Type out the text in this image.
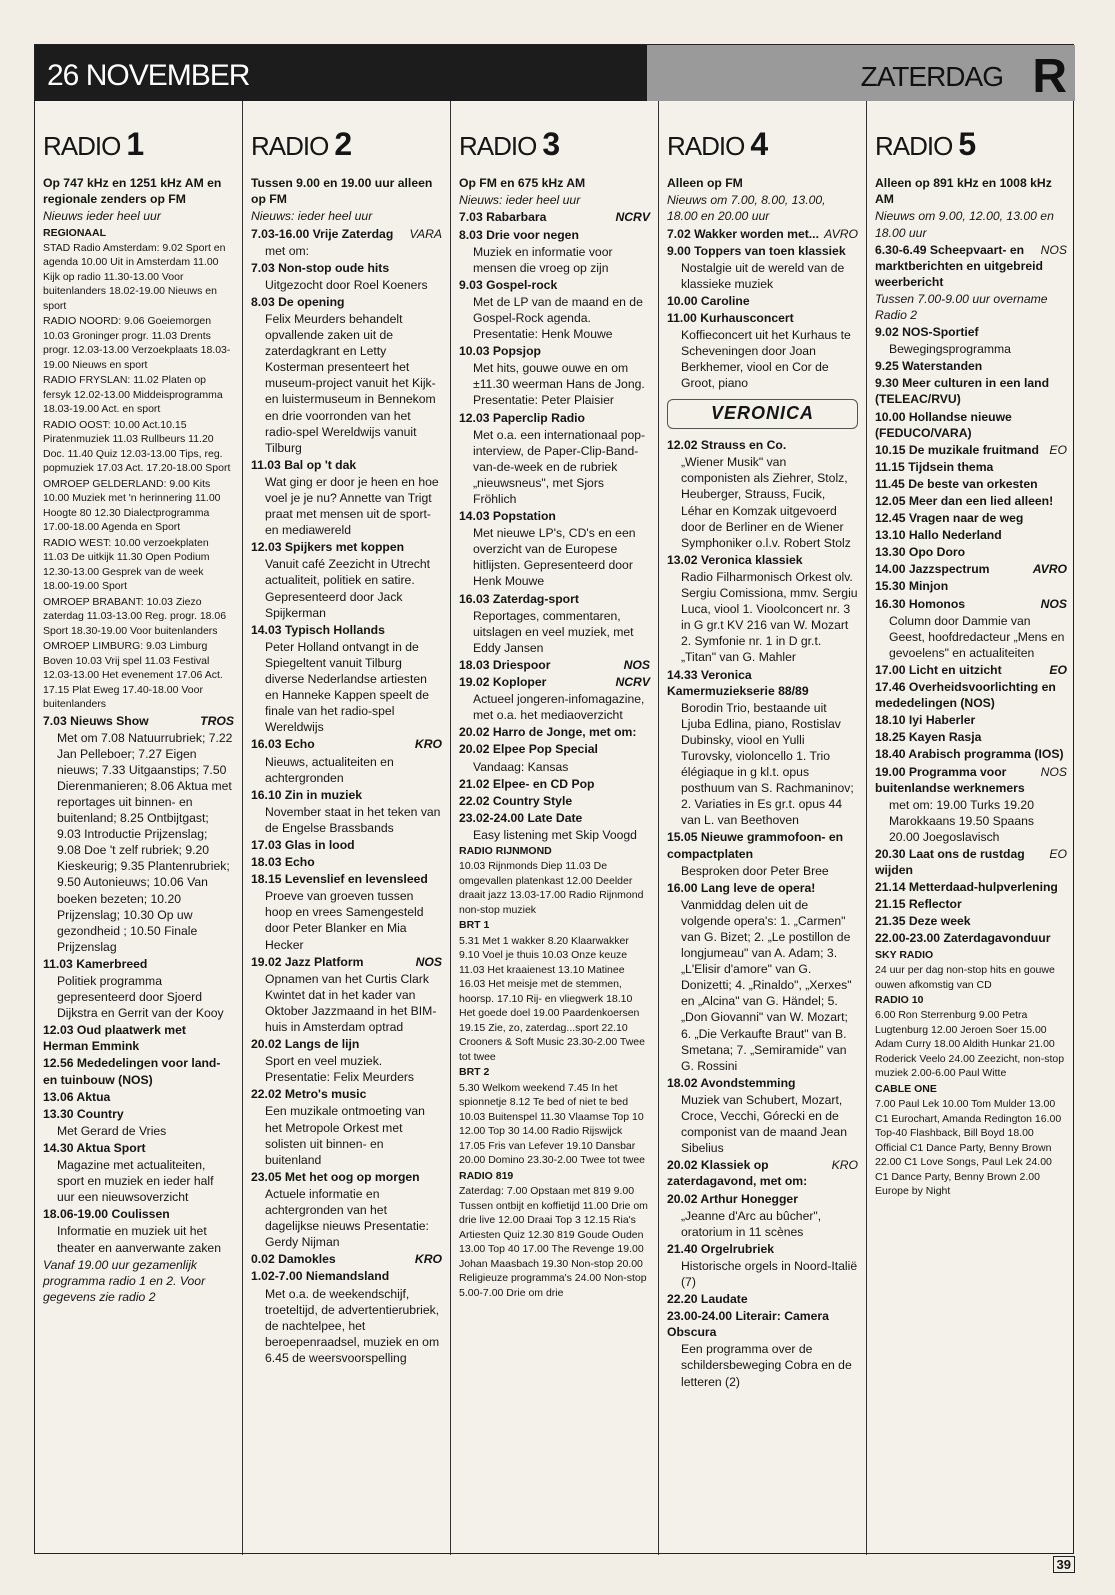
26 NOVEMBER	ZATERDAG R
RADIO 1
Op 747 kHz en 1251 kHz AM en regionale zenders op FM
Nieuws ieder heel uur
REGIONAAL
STAD Radio Amsterdam: 9.02 Sport en agenda 10.00 Uit in Amsterdam 11.00 Kijk op radio 11.30-13.00 Voor buitenlanders 18.02-19.00 Nieuws en sport
RADIO NOORD: 9.06 Goeiemorgen 10.03 Groninger progr. 11.03 Drents progr. 12.03-13.00 Verzoekplaats 18.03-19.00 Nieuws en sport
RADIO FRYSLAN: 11.02 Platen op fersyk 12.02-13.00 Middeisprogramma 18.03-19.00 Act. en sport
RADIO OOST: 10.00 Act.10.15 Piratenmuziek 11.03 Rullbeurs 11.20 Doc. 11.40 Quiz 12.03-13.00 Tips, reg. popmuziek 17.03 Act. 17.20-18.00 Sport
OMROEP GELDERLAND: 9.00 Kits 10.00 Muziek met 'n herinnering 11.00 Hoogte 80 12.30 Dialectprogramma 17.00-18.00 Agenda en Sport
RADIO WEST: 10.00 verzoekplaten 11.03 De uitkijk 11.30 Open Podium 12.30-13.00 Gesprek van de week 18.00-19.00 Sport
OMROEP BRABANT: 10.03 Ziezo zaterdag 11.03-13.00 Reg. progr. 18.06 Sport 18.30-19.00 Voor buitenlanders
OMROEP LIMBURG: 9.03 Limburg Boven 10.03 Vrij spel 11.03 Festival 12.03-13.00 Het evenement 17.06 Act. 17.15 Plat Eweg 17.40-18.00 Voor buitenlanders
TROS
7.03 Nieuws Show
Met om 7.08 Natuurrubriek; 7.22 Jan Pelleboer; 7.27 Eigen nieuws; 7.33 Uitgaanstips; 7.50 Dierenmanieren; 8.06 Aktua met reportages uit binnen- en buitenland; 8.25 Ontbijtgast; 9.03 Introductie Prijzenslag; 9.08 Doe 't zelf rubriek; 9.20 Kieskeurig; 9.35 Plantenrubriek; 9.50 Autonieuws; 10.06 Van boeken bezeten; 10.20 Prijzenslag; 10.30 Op uw gezondheid ; 10.50 Finale Prijzenslag
11.03 Kamerbreed
Politiek programma gepresenteerd door Sjoerd Dijkstra en Gerrit van der Kooy
12.03 Oud plaatwerk met Herman Emmink
12.56 Mededelingen voor land- en tuinbouw (NOS)
13.06 Aktua
13.30 Country
Met Gerard de Vries
14.30 Aktua Sport
Magazine met actualiteiten, sport en muziek en ieder half uur een nieuwsoverzicht
18.06-19.00 Coulissen
Informatie en muziek uit het theater en aanverwante zaken
Vanaf 19.00 uur gezamenlijk programma radio 1 en 2. Voor gegevens zie radio 2
RADIO 2
Tussen 9.00 en 19.00 uur alleen op FM
Nieuws: ieder heel uur
VARA
7.03-16.00 Vrije Zaterdag
met om:
7.03 Non-stop oude hits
Uitgezocht door Roel Koeners
8.03 De opening
Felix Meurders behandelt opvallende zaken uit de zaterdagkrant en Letty Kosterman presenteert het museum-project vanuit het Kijk- en luistermuseum in Bennekom en drie voorronden van het radio-spel Wereldwijs vanuit Tilburg
11.03 Bal op 't dak
Wat ging er door je heen en hoe voel je je nu? Annette van Trigt praat met mensen uit de sport- en mediawereld
12.03 Spijkers met koppen
Vanuit café Zeezicht in Utrecht actualiteit, politiek en satire. Gepresenteerd door Jack Spijkerman
14.03 Typisch Hollands
Peter Holland ontvangt in de Spiegeltent vanuit Tilburg diverse Nederlandse artiesten en Hanneke Kappen speelt de finale van het radio-spel Wereldwijs
KRO
16.03 Echo
Nieuws, actualiteiten en achtergronden
16.10 Zin in muziek
November staat in het teken van de Engelse Brassbands
17.03 Glas in lood
18.03 Echo
18.15 Levenslief en levensleed
Proeve van groeven tussen hoop en vrees Samengesteld door Peter Blanker en Mia Hecker
NOS
19.02 Jazz Platform
Opnamen van het Curtis Clark Kwintet dat in het kader van Oktober Jazzmaand in het BIM-huis in Amsterdam optrad
20.02 Langs de lijn
Sport en veel muziek. Presentatie: Felix Meurders
22.02 Metro's music
Een muzikale ontmoeting van het Metropole Orkest met solisten uit binnen- en buitenland
23.05 Met het oog op morgen
Actuele informatie en achtergronden van het dagelijkse nieuws Presentatie: Gerdy Nijman
KRO
0.02 Damokles
1.02-7.00 Niemandsland
Met o.a. de weekendschijf, troeteltijd, de advertentierubriek, de nachtelpee, het beroepenraadsel, muziek en om 6.45 de weersvoorspelling
RADIO 3
Op FM en 675 kHz AM
Nieuws: ieder heel uur
NCRV
7.03 Rabarbara
8.03 Drie voor negen
Muziek en informatie voor mensen die vroeg op zijn
9.03 Gospel-rock
Met de LP van de maand en de Gospel-Rock agenda. Presentatie: Henk Mouwe
10.03 Popsjop
Met hits, gouwe ouwe en om ±11.30 weerman Hans de Jong. Presentatie: Peter Plaisier
12.03 Paperclip Radio
Met o.a. een internationaal pop-interview, de Paper-Clip-Band-van-de-week en de rubriek „nieuwsneus", met Sjors Fröhlich
14.03 Popstation
Met nieuwe LP's, CD's en een overzicht van de Europese hitlijsten. Gepresenteerd door Henk Mouwe
16.03 Zaterdag-sport
Reportages, commentaren, uitslagen en veel muziek, met Eddy Jansen
NOS
18.03 Driespoor
NCRV
19.02 Koploper
Actueel jongeren-infomagazine, met o.a. het mediaoverzicht
20.02 Harro de Jonge, met om:
20.02 Elpee Pop Special
Vandaag: Kansas
21.02 Elpee- en CD Pop
22.02 Country Style
23.02-24.00 Late Date
Easy listening met Skip Voogd
RADIO RIJNMOND
10.03 Rijnmonds Diep 11.03 De omgevallen platenkast 12.00 Deelder draait jazz 13.03-17.00 Radio Rijnmond non-stop muziek
BRT 1
5.31 Met 1 wakker 8.20 Klaarwakker 9.10 Voel je thuis 10.03 Onze keuze 11.03 Het kraaienest 13.10 Matinee 16.03 Het meisje met de stemmen, hoorsp. 17.10 Rij- en vliegwerk 18.10 Het goede doel 19.00 Paardenkoersen 19.15 Zie, zo, zaterdag...sport 22.10 Crooners & Soft Music 23.30-2.00 Twee tot twee
BRT 2
5.30 Welkom weekend 7.45 In het spionnetje 8.12 Te bed of niet te bed 10.03 Buitenspel 11.30 Vlaamse Top 10 12.00 Top 30 14.00 Radio Rijswijck 17.05 Fris van Lefever 19.10 Dansbar 20.00 Domino 23.30-2.00 Twee tot twee
RADIO 819
Zaterdag: 7.00 Opstaan met 819 9.00 Tussen ontbijt en koffietijd 11.00 Drie om drie live 12.00 Draai Top 3 12.15 Ria's Artiesten Quiz 12.30 819 Goude Ouden 13.00 Top 40 17.00 The Revenge 19.00 Johan Maasbach 19.30 Non-stop 20.00 Religieuze programma's 24.00 Non-stop 5.00-7.00 Drie om drie
RADIO 4
Alleen op FM
Nieuws om 7.00, 8.00, 13.00, 18.00 en 20.00 uur
AVRO
7.02 Wakker worden met...
9.00 Toppers van toen klassiek
Nostalgie uit de wereld van de klassieke muziek
10.00 Caroline
11.00 Kurhausconcert
Koffieconcert uit het Kurhaus te Scheveningen door Joan Berkhemer, viool en Cor de Groot, piano
VERONICA
12.02 Strauss en Co.
„Wiener Musik" van componisten als Ziehrer, Stolz, Heuberger, Strauss, Fucik, Léhar en Komzak uitgevoerd door de Berliner en de Wiener Symphoniker o.l.v. Robert Stolz
13.02 Veronica klassiek
Radio Filharmonisch Orkest olv. Sergiu Comissiona, mmv. Sergiu Luca, viool 1. Vioolconcert nr. 3 in G gr.t KV 216 van W. Mozart 2. Symfonie nr. 1 in D gr.t. „Titan" van G. Mahler
14.33 Veronica Kamermuziekserie 88/89
Borodin Trio, bestaande uit Ljuba Edlina, piano, Rostislav Dubinsky, viool en Yulli Turovsky, violoncello 1. Trio élégiaque in g kl.t. opus posthuum van S. Rachmaninov; 2. Variaties in Es gr.t. opus 44 van L. van Beethoven
15.05 Nieuwe grammofoon- en compactplaten
Besproken door Peter Bree
16.00 Lang leve de opera!
Vanmiddag delen uit de volgende opera's: 1. „Carmen" van G. Bizet; 2. „Le postillon de longjumeau" van A. Adam; 3. „L'Elisir d'amore" van G. Donizetti; 4. „Rinaldo", „Xerxes" en „Alcina" van G. Händel; 5. „Don Giovanni" van W. Mozart; 6. „Die Verkaufte Braut" van B. Smetana; 7. „Semiramide" van G. Rossini
18.02 Avondstemming
Muziek van Schubert, Mozart, Croce, Vecchi, Górecki en de componist van de maand Jean Sibelius
KRO
20.02 Klassiek op zaterdagavond, met om:
20.02 Arthur Honegger
„Jeanne d'Arc au bûcher", oratorium in 11 scènes
21.40 Orgelrubriek
Historische orgels in Noord-Italië (7)
22.20 Laudate
23.00-24.00 Literair: Camera Obscura
Een programma over de schildersbeweging Cobra en de letteren (2)
RADIO 5
Alleen op 891 kHz en 1008 kHz AM
Nieuws om 9.00, 12.00, 13.00 en 18.00 uur
NOS
6.30-6.49 Scheepvaart- en marktberichten en uitgebreid weerbericht
Tussen 7.00-9.00 uur overname Radio 2
9.02 NOS-Sportief
Bewegingsprogramma
9.25 Waterstanden
9.30 Meer culturen in een land (TELEAC/RVU)
10.00 Hollandse nieuwe (FEDUCO/VARA)
EO
10.15 De muzikale fruitmand
11.15 Tijdsein thema
11.45 De beste van orkesten
12.05 Meer dan een lied alleen!
12.45 Vragen naar de weg
13.10 Hallo Nederland
13.30 Opo Doro
AVRO
14.00 Jazzspectrum
15.30 Minjon
NOS
16.30 Homonos
Column door Dammie van Geest, hoofdredacteur „Mens en gevoelens" en actualiteiten
EO
17.00 Licht en uitzicht
17.46 Overheidsvoorlichting en mededelingen (NOS)
18.10 Iyi Haberler
18.25 Kayen Rasja
18.40 Arabisch programma (IOS)
NOS
19.00 Programma voor buitenlandse werknemers
met om: 19.00 Turks 19.20 Marokkaans 19.50 Spaans 20.00 Joegoslavisch
EO
20.30 Laat ons de rustdag wijden
21.14 Metterdaad-hulpverlening
21.15 Reflector
21.35 Deze week
22.00-23.00 Zaterdagavonduur
SKY RADIO
24 uur per dag non-stop hits en gouwe ouwen afkomstig van CD
RADIO 10
6.00 Ron Sterrenburg 9.00 Petra Lugtenburg 12.00 Jeroen Soer 15.00 Adam Curry 18.00 Aldith Hunkar 21.00 Roderick Veelo 24.00 Zeezicht, non-stop muziek 2.00-6.00 Paul Witte
CABLE ONE
7.00 Paul Lek 10.00 Tom Mulder 13.00 C1 Eurochart, Amanda Redington 16.00 Top-40 Flashback, Bill Boyd 18.00 Official C1 Dance Party, Benny Brown 22.00 C1 Love Songs, Paul Lek 24.00 C1 Dance Party, Benny Brown 2.00 Europe by Night
39
